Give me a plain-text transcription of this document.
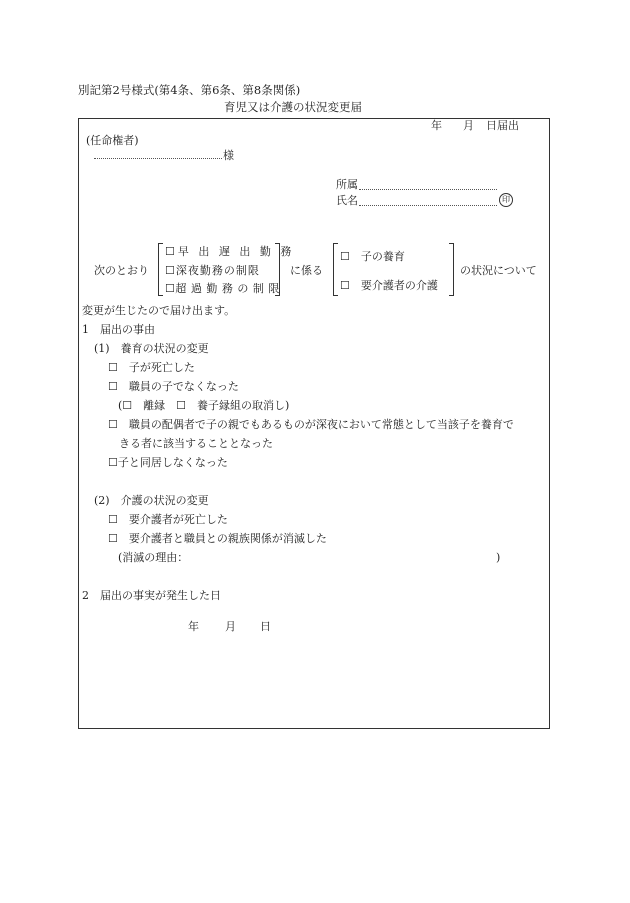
別記第2号様式(第4条、第6条、第8条関係)
育児又は介護の状況変更届
年 月 日届出
(任命権者)
様
所属
氏名	印
次のとおり
☐早 出 遅 出 勤 務
☐深夜勤務の制限
☐超 過 勤 務 の 制 限
に係る
☐　子の養育
☐　要介護者の介護
の状況について
変更が生じたので届け出ます。
1　届出の事由
(1)　養育の状況の変更
☐　子が死亡した
☐　職員の子でなくなった
(☐　離縁　☐　養子縁組の取消し)
☐　職員の配偶者で子の親でもあるものが深夜において常態として当該子を養育で
きる者に該当することとなった
☐子と同居しなくなった
(2)　介護の状況の変更
☐　要介護者が死亡した
☐　要介護者と職員との親族関係が消滅した
(消滅の理由：	)
2　届出の事実が発生した日
年 月 日
